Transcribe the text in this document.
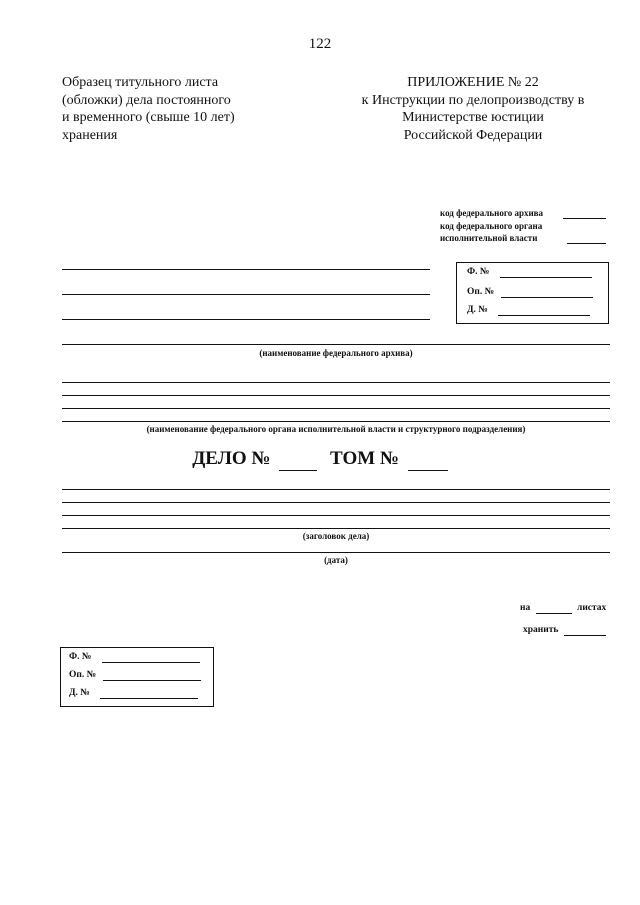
122
Образец титульного листа
(обложки) дела постоянного
и временного (свыше 10 лет)
хранения
ПРИЛОЖЕНИЕ № 22
к Инструкции по делопроизводству в
Министерстве юстиции
Российской Федерации
код федерального архива
код федерального органа
исполнительной власти
Ф. №
Оп. №
Д. №
(наименование федерального архива)
(наименование федерального органа исполнительной власти и структурного подразделения)
ДЕЛО №	ТОМ №
(заголовок дела)
(дата)
на	листах
хранить
Ф. №
Оп. №
Д. №
